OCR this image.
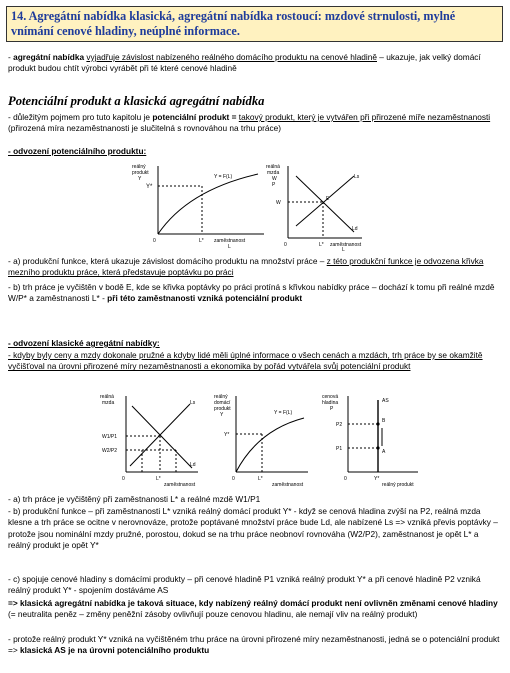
14. Agregátní nabídka klasická, agregátní nabídka rostoucí: mzdové strnulosti, mylné vnímání cenové hladiny, neúplné informace.
- agregátní nabídka vyjadřuje závislost nabízeného reálného domácího produktu na cenové hladině – ukazuje, jak velký domácí produkt budou chtít výrobci vyrábět při té které cenové hladině
Potenciální produkt a klasická agregátní nabídka
- důležitým pojmem pro tuto kapitolu je potenciální produkt = takový produkt, který je vytvářen při přirozené míře nezaměstnanosti (přirozená míra nezaměstnanosti je slučitelná s rovnováhou na trhu práce)
- odvození potenciálního produktu:
reálný
produkt
Y
Y*
Y = F(L)
0	L* zaměstnanost
L
reálná
mzda
W
P
W
Ls
E
Ld
0	L* zaměstnanost
L
- a) produkční funkce, která ukazuje závislost domácího produktu na množství práce – z této produkční funkce je odvozena křivka mezního produktu práce, která představuje poptávku po práci
- b) trh práce je vyčištěn v bodě E, kde se křivka poptávky po práci protíná s křivkou nabídky práce – dochází k tomu při reálné mzdě W/P* a zaměstnanosti L* - při této zaměstnanosti vzniká potenciální produkt
- odvození klasické agregátní nabídky:
- kdyby byly ceny a mzdy dokonale pružné a kdyby lidé měli úplné informace o všech cenách a mzdách, trh práce by se okamžitě vyčišťoval na úrovni přirozené míry nezaměstnanosti a ekonomika by pořád vytvářela svůj potenciální produkt
reálná
mzda
W1/P1
W2/P2
Ls
Ld
0	L*
zaměstnanost
reálný
domácí
produkt
Y
Y*
Y = F(L)
0	L*
zaměstnanost
cenová
hladina
P
AS
P2
P1	A
B
0	Y*
reálný produkt
- a) trh práce je vyčištěný při zaměstnanosti L* a reálné mzdě W1/P1
- b) produkční funkce – při zaměstnanosti L* vzniká reálný domácí produkt Y* - když se cenová hladina zvýší na P2, reálná mzda klesne a trh práce se ocitne v nerovnováze, protože poptávané množství práce bude Ld, ale nabízené Ls => vzniká převis poptávky – protože jsou nominální mzdy pružné, porostou, dokud se na trhu práce neobnoví rovnováha (W2/P2), zaměstnanost je opět L* a reálný produkt je opět Y*
- c) spojuje cenové hladiny s domácími produkty – při cenové hladině P1 vzniká reálný produkt Y* a při cenové hladině P2 vzniká reálný produkt Y* - spojením dostáváme AS
=> klasická agregátní nabídka je taková situace, kdy nabízený reálný domácí produkt není ovlivněn změnami cenové hladiny (= neutralita peněz – změny peněžní zásoby ovlivňují pouze cenovou hladinu, ale nemají vliv na reálný produkt)
- protože reálný produkt Y* vzniká na vyčištěném trhu práce na úrovni přirozené míry nezaměstnanosti, jedná se o potenciální produkt => klasická AS je na úrovni potenciálního produktu
